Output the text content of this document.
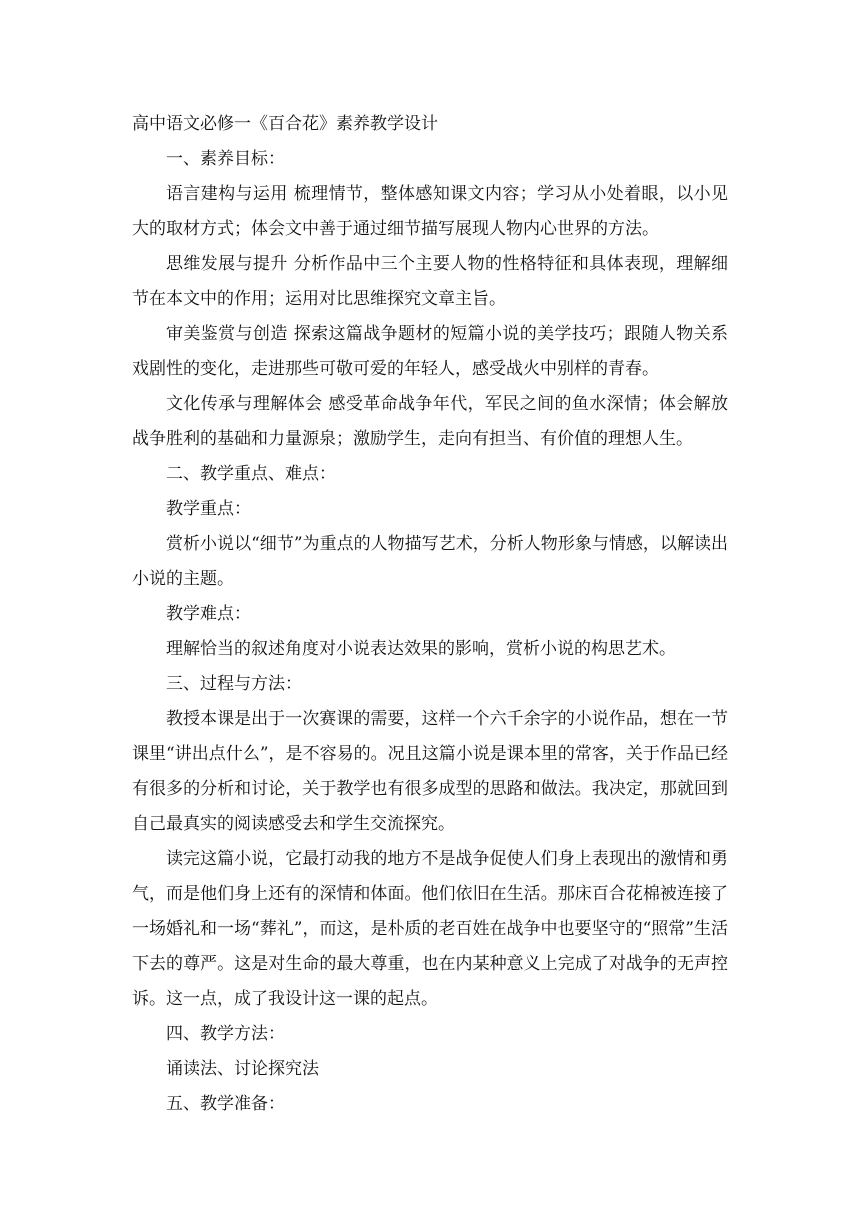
高中语文必修一《百合花》素养教学设计
一、素养目标：
语言建构与运用 梳理情节，整体感知课文内容；学习从小处着眼，以小见大的取材方式；体会文中善于通过细节描写展现人物内心世界的方法。
思维发展与提升 分析作品中三个主要人物的性格特征和具体表现，理解细节在本文中的作用；运用对比思维探究文章主旨。
审美鉴赏与创造 探索这篇战争题材的短篇小说的美学技巧；跟随人物关系戏剧性的变化，走进那些可敬可爱的年轻人，感受战火中别样的青春。
文化传承与理解体会 感受革命战争年代，军民之间的鱼水深情；体会解放战争胜利的基础和力量源泉；激励学生，走向有担当、有价值的理想人生。
二、教学重点、难点：
教学重点：
赏析小说以“细节”为重点的人物描写艺术，分析人物形象与情感，以解读出小说的主题。
教学难点：
理解恰当的叙述角度对小说表达效果的影响，赏析小说的构思艺术。
三、过程与方法：
教授本课是出于一次赛课的需要，这样一个六千余字的小说作品，想在一节课里“讲出点什么”，是不容易的。况且这篇小说是课本里的常客，关于作品已经有很多的分析和讨论，关于教学也有很多成型的思路和做法。我决定，那就回到自己最真实的阅读感受去和学生交流探究。
读完这篇小说，它最打动我的地方不是战争促使人们身上表现出的激情和勇气，而是他们身上还有的深情和体面。他们依旧在生活。那床百合花棉被连接了一场婚礼和一场“葬礼”，而这，是朴质的老百姓在战争中也要坚守的“照常”生活下去的尊严。这是对生命的最大尊重，也在内某种意义上完成了对战争的无声控诉。这一点，成了我设计这一课的起点。
四、教学方法：
诵读法、讨论探究法
五、教学准备：
